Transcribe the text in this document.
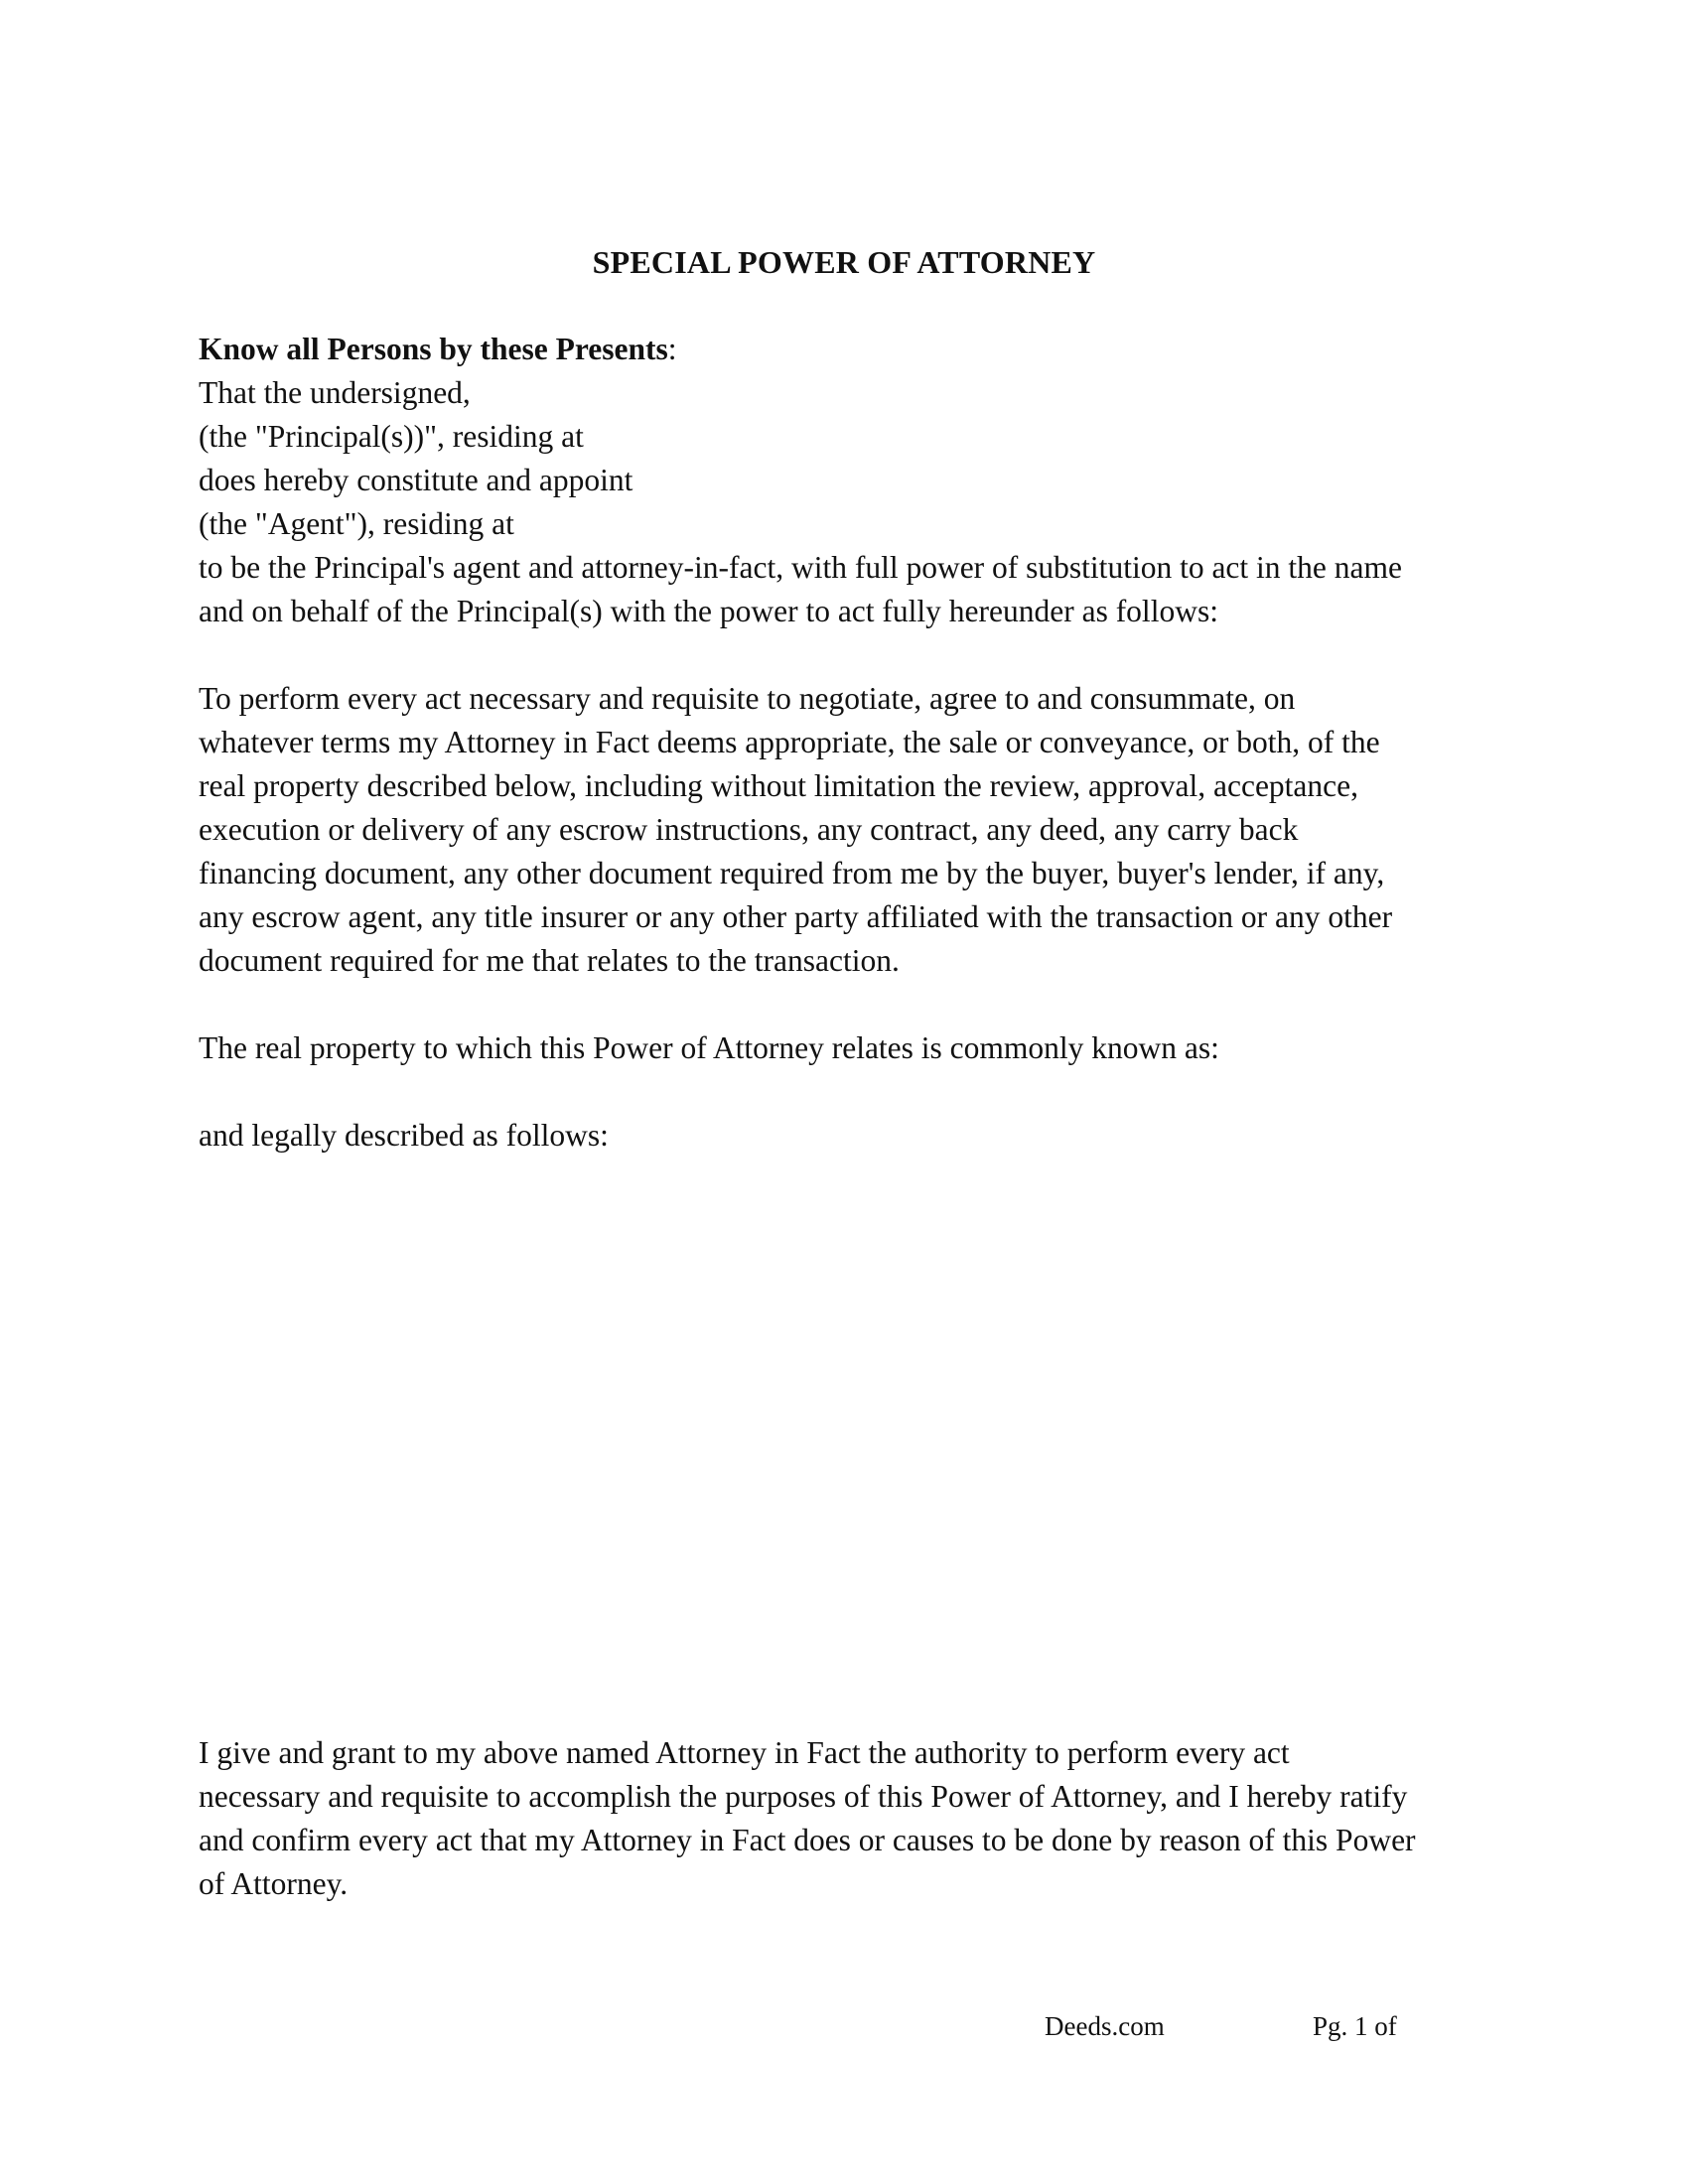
SPECIAL POWER OF ATTORNEY
Know all Persons by these Presents:
That the undersigned,
(the "Principal(s))", residing at
does hereby constitute and appoint
(the "Agent"), residing at
to be the Principal's agent and attorney-in-fact, with full power of substitution to act in the name
and on behalf of the Principal(s) with the power to act fully hereunder as follows:
To perform every act necessary and requisite to negotiate, agree to and consummate, on
whatever terms my Attorney in Fact deems appropriate, the sale or conveyance, or both, of the
real property described below, including without limitation the review, approval, acceptance,
execution or delivery of any escrow instructions, any contract, any deed, any carry back
financing document, any other document required from me by the buyer, buyer's lender, if any,
any escrow agent, any title insurer or any other party affiliated with the transaction or any other
document required for me that relates to the transaction.
The real property to which this Power of Attorney relates is commonly known as:
and legally described as follows:
I give and grant to my above named Attorney in Fact the authority to perform every act
necessary and requisite to accomplish the purposes of this Power of Attorney, and I hereby ratify
and confirm every act that my Attorney in Fact does or causes to be done by reason of this Power
of Attorney.
Deeds.com	Pg. 1 of
